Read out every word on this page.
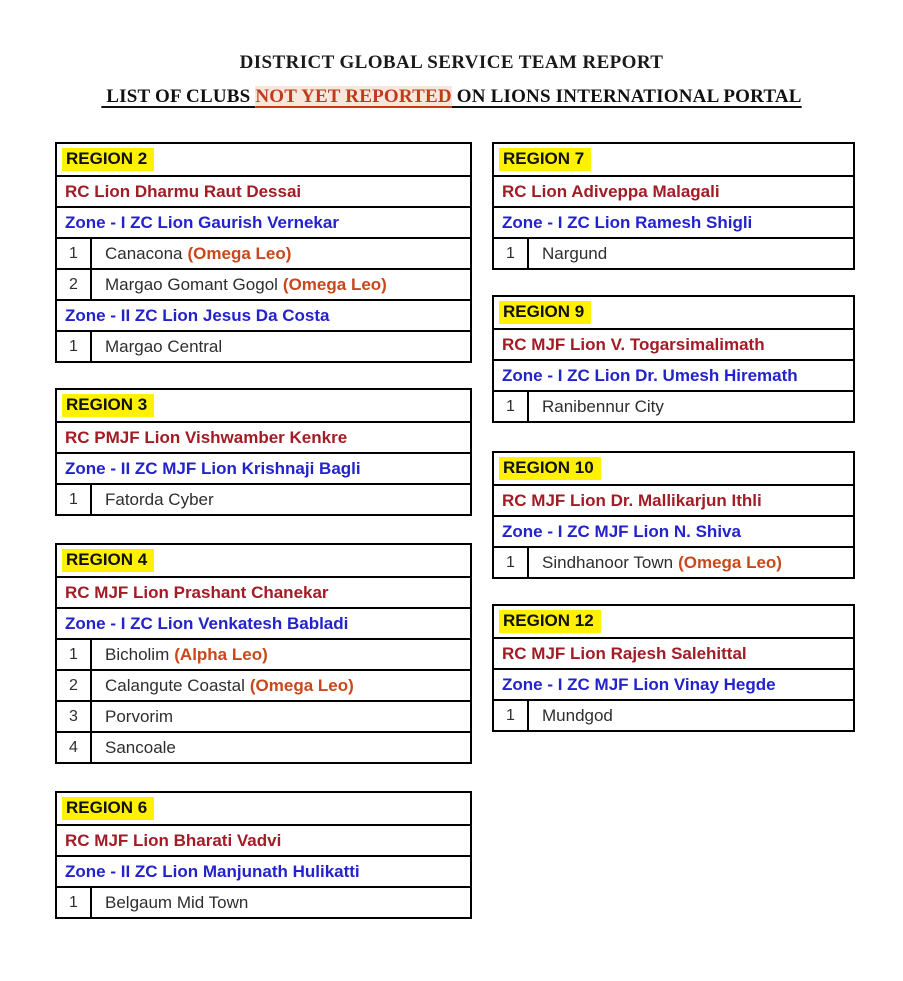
DISTRICT GLOBAL SERVICE TEAM REPORT
LIST OF CLUBS NOT YET REPORTED ON LIONS INTERNATIONAL PORTAL
REGION 2
RC Lion Dharmu Raut Dessai
Zone - I ZC Lion Gaurish Vernekar
1	Canacona (Omega Leo)
2	Margao Gomant Gogol (Omega Leo)
Zone - II ZC Lion Jesus Da Costa
1	Margao Central
REGION 3
RC PMJF Lion Vishwamber Kenkre
Zone - II ZC MJF Lion Krishnaji Bagli
1	Fatorda Cyber
REGION 4
RC MJF Lion Prashant Chanekar
Zone - I ZC Lion Venkatesh Babladi
1	Bicholim (Alpha Leo)
2	Calangute Coastal (Omega Leo)
3	Porvorim
4	Sancoale
REGION 6
RC MJF Lion Bharati Vadvi
Zone - II ZC Lion Manjunath Hulikatti
1	Belgaum Mid Town
REGION 7
RC Lion Adiveppa Malagali
Zone - I ZC Lion Ramesh Shigli
1	Nargund
REGION 9
RC MJF Lion V. Togarsimalimath
Zone - I ZC Lion Dr. Umesh Hiremath
1	Ranibennur City
REGION 10
RC MJF Lion Dr. Mallikarjun Ithli
Zone - I ZC MJF Lion N. Shiva
1	Sindhanoor Town (Omega Leo)
REGION 12
RC MJF Lion Rajesh Salehittal
Zone - I ZC MJF Lion Vinay Hegde
1	Mundgod
